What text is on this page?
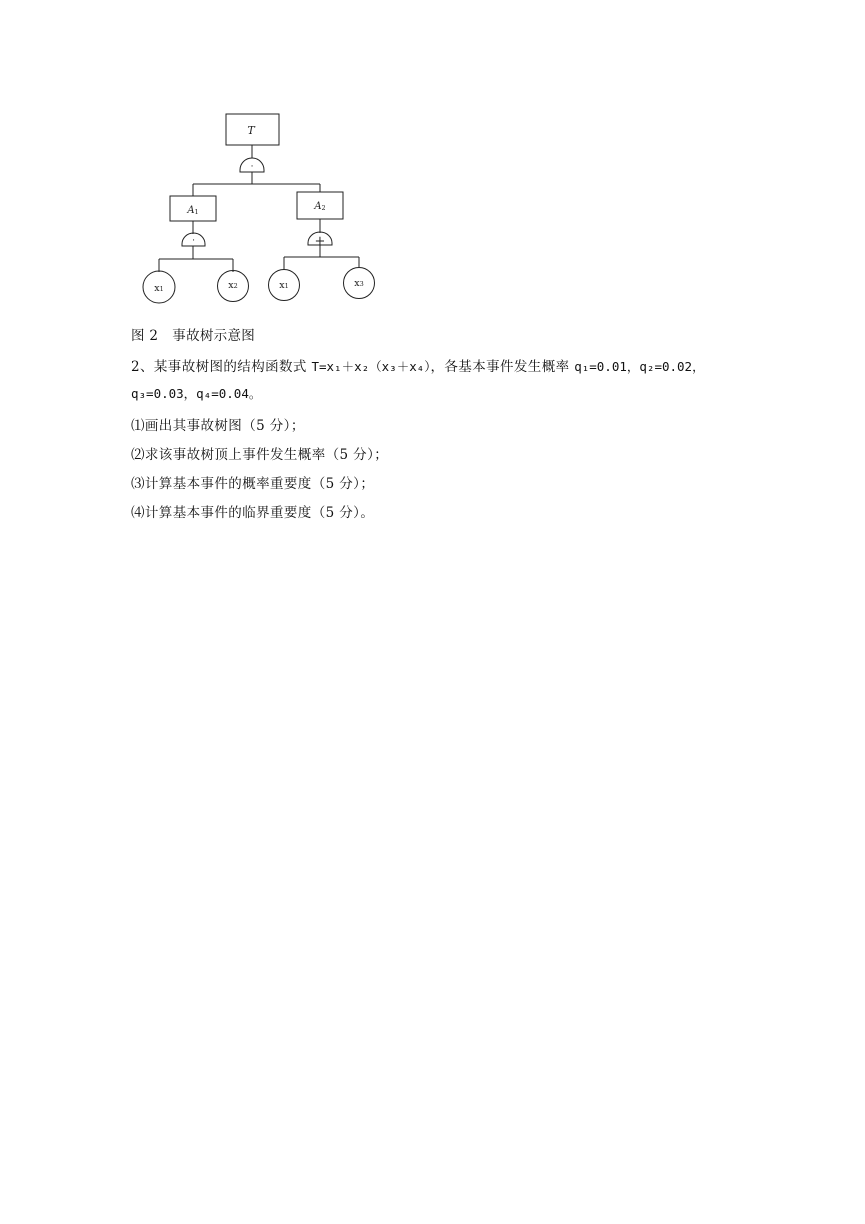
·
·	+
T
A1	A2
x1	x2	x1	x3
图 2 事故树示意图
2、某事故树图的结构函数式 T=x₁＋x₂（x₃＋x₄），各基本事件发生概率 q₁=0.01，q₂=0.02，
q₃=0.03，q₄=0.04。
⑴画出其事故树图（5 分）；
⑵求该事故树顶上事件发生概率（5 分）；
⑶计算基本事件的概率重要度（5 分）；
⑷计算基本事件的临界重要度（5 分）。
